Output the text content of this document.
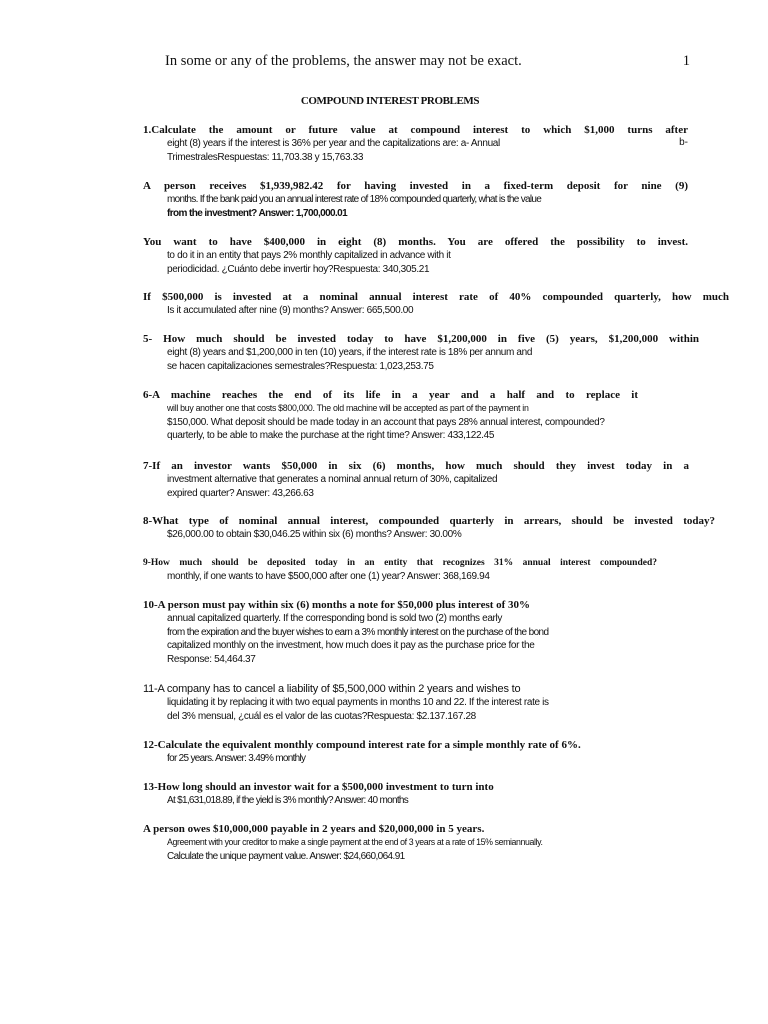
In some or any of the problems, the answer may not be exact.	1
COMPOUND INTEREST PROBLEMS
1.Calculate the amount or future value at compound interest to which $1,000 turns after
eight (8) years if the interest is 36% per year and the capitalizations are: a- Annual
TrimestralesRespuestas: 11,703.38 y 15,763.33
b-
A person receives $1,939,982.42 for having invested in a fixed-term deposit for nine (9)
months. If the bank paid you an annual interest rate of 18% compounded quarterly, what is the value
from the investment? Answer: 1,700,000.01
You want to have $400,000 in eight (8) months. You are offered the possibility to invest.
to do it in an entity that pays 2% monthly capitalized in advance with it
periodicidad. ¿Cuánto debe invertir hoy?Respuesta: 340,305.21
If $500,000 is invested at a nominal annual interest rate of 40% compounded quarterly, how much
Is it accumulated after nine (9) months? Answer: 665,500.00
5- How much should be invested today to have $1,200,000 in five (5) years, $1,200,000 within
eight (8) years and $1,200,000 in ten (10) years, if the interest rate is 18% per annum and
se hacen capitalizaciones semestrales?Respuesta: 1,023,253.75
6-A machine reaches the end of its life in a year and a half and to replace it
will buy another one that costs $800,000. The old machine will be accepted as part of the payment in
$150,000. What deposit should be made today in an account that pays 28% annual interest, compounded?
quarterly, to be able to make the purchase at the right time? Answer: 433,122.45
7-If an investor wants $50,000 in six (6) months, how much should they invest today in a
investment alternative that generates a nominal annual return of 30%, capitalized
expired quarter? Answer: 43,266.63
8-What type of nominal annual interest, compounded quarterly in arrears, should be invested today?
$26,000.00 to obtain $30,046.25 within six (6) months? Answer: 30.00%
9-How much should be deposited today in an entity that recognizes 31% annual interest compounded?
monthly, if one wants to have $500,000 after one (1) year? Answer: 368,169.94
10-A person must pay within six (6) months a note for $50,000 plus interest of 30%
annual capitalized quarterly. If the corresponding bond is sold two (2) months early
from the expiration and the buyer wishes to earn a 3% monthly interest on the purchase of the bond
capitalized monthly on the investment, how much does it pay as the purchase price for the
Response: 54,464.37
11-A company has to cancel a liability of $5,500,000 within 2 years and wishes to
liquidating it by replacing it with two equal payments in months 10 and 22. If the interest rate is
del 3% mensual, ¿cuál es el valor de las cuotas?Respuesta: $2.137.167.28
12-Calculate the equivalent monthly compound interest rate for a simple monthly rate of 6%.
for 25 years. Answer: 3.49% monthly
13-How long should an investor wait for a $500,000 investment to turn into
At $1,631,018.89, if the yield is 3% monthly? Answer: 40 months
A person owes $10,000,000 payable in 2 years and $20,000,000 in 5 years.
Agreement with your creditor to make a single payment at the end of 3 years at a rate of 15% semiannually.
Calculate the unique payment value. Answer: $24,660,064.91
